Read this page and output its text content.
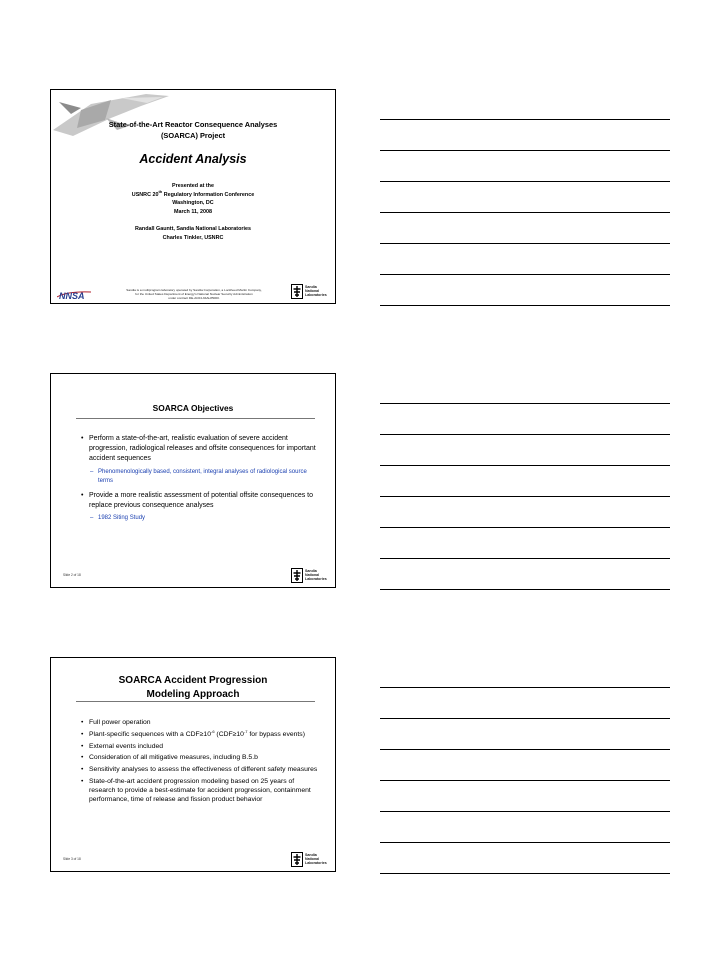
State-of-the-Art Reactor Consequence Analyses
(SOARCA) Project
Accident Analysis
Presented at the
USNRC 20th Regulatory Information Conference
Washington, DC
March 11, 2008
Randall Gauntt, Sandia National Laboratories
Charles Tinkler, USNRC
NNSA
Sandia is a multiprogram laboratory operated by Sandia Corporation, a Lockheed Martin Company,
for the United States Department of Energy's National Nuclear Security Administration
under contract DE-AC04-94AL85000.
Sandia
National
Laboratories
SOARCA Objectives
• Perform a state-of-the-art, realistic evaluation of severe accident progression, radiological releases and offsite consequences for important accident sequences
– Phenomenologically based, consistent, integral analyses of radiological source terms
• Provide a more realistic assessment of potential offsite consequences to replace previous consequence analyses
– 1982 Siting Study
Slide 2 of 18
Sandia
National
Laboratories
SOARCA Accident Progression
Modeling Approach
• Full power operation
• Plant-specific sequences with a $CDF\ge 10^{-6}$ ($CDF\ge 10^{-7}$ for bypass events)
• External events included
• Consideration of all mitigative measures, including B.5.b
• Sensitivity analyses to assess the effectiveness of different safety measures
• State-of-the-art accident progression modeling based on 25 years of research to provide a best-estimate for accident progression, containment performance, time of release and fission product behavior
Slide 3 of 18
Sandia
National
Laboratories
